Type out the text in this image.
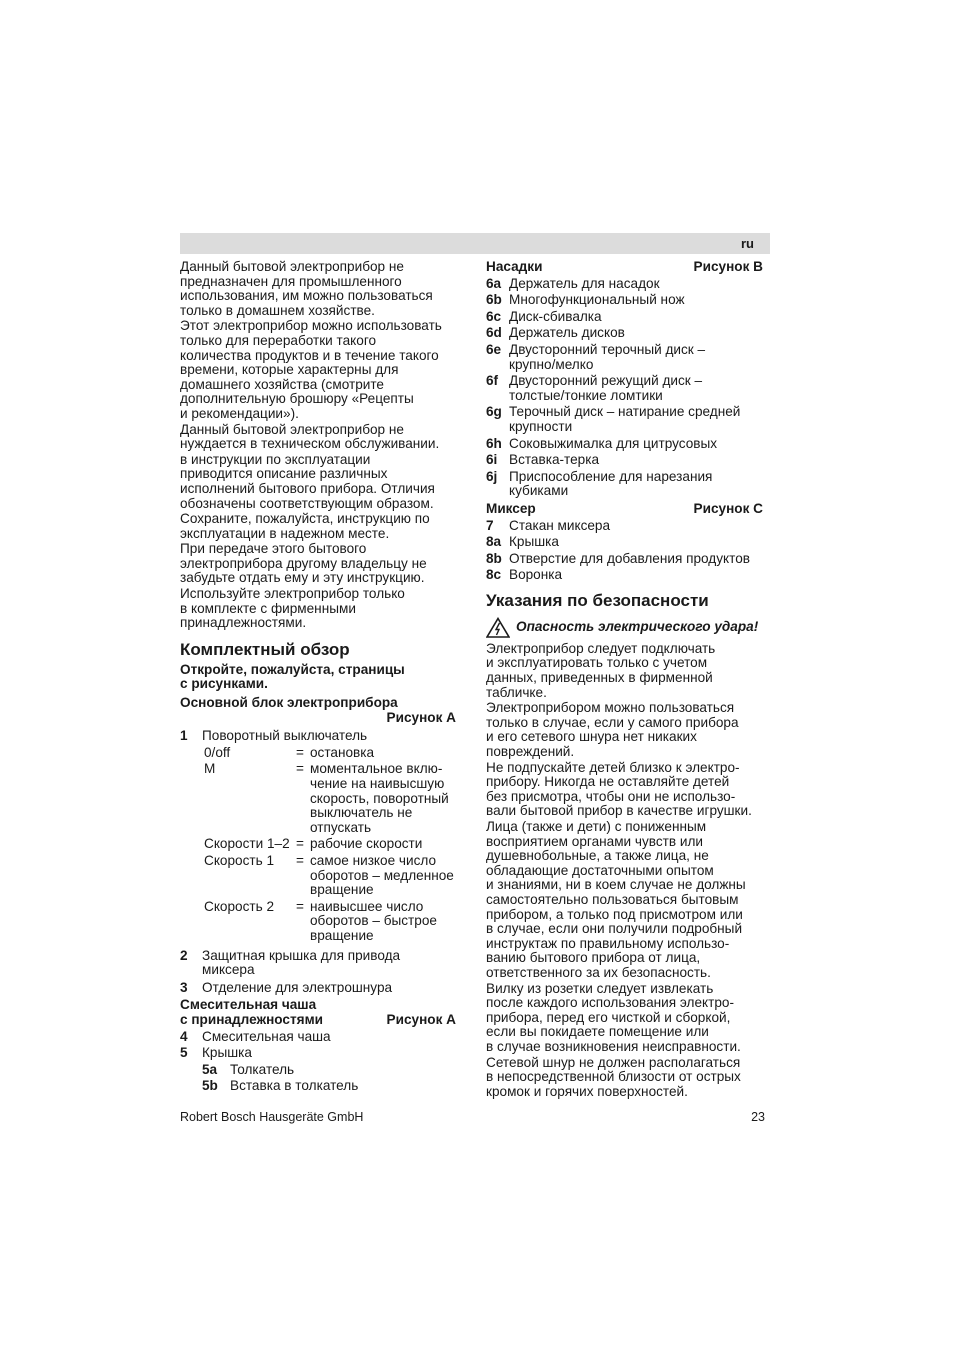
ru

Данный бытовой электроприбор не
предназначен для промышленного
использования, им можно пользоваться
только в домашнем хозяйстве.

Этот электроприбор можно использовать
только для переработки такого
количества продуктов и в течение такого
времени, которые характерны для
домашнего хозяйства (смотрите
дополнительную брошюру «Рецепты
и рекомендации»).

Данный бытовой электроприбор не
нуждается в техническом обслуживании.

в инструкции по эксплуатации
приводится описание различных
исполнений бытового прибора. Отличия
обозначены соответствующим образом.

Сохраните, пожалуйста, инструкцию по
эксплуатации в надежном месте.

При передаче этого бытового
электроприбора другому владельцу не
забудьте отдать ему и эту инструкцию.

Используйте электроприбор только
в комплекте с фирменными
принадлежностями.

Комплектный обзор

Откройте, пожалуйста, страницы
с рисунками.

Основной блок электроприбора

Рисунок A

1	Поворотный выключатель
0/off	= остановка
M	= моментальное вклю-
чение на наивысшую
скорость, поворотный
выключатель не
отпускать
Скорости 1–2 = рабочие скорости
Скорость 1	= самое низкое число
оборотов – медленное
вращение
Скорость 2	= наивысшее число
оборотов – быстрое
вращение
2	Защитная крышка для привода
миксера
3	Отделение для электрошнура

Смесительная чаша

с принадлежностями	Рисунок A
4	Смесительная чаша
5	Крышка
5a Толкатель
5b Вставка в толкатель
Насадки	Рисунок B
6a Держатель для насадок
6b Многофункциональный нож
6c Диск-сбивалка
6d Держатель дисков
6e Двусторонний терочный диск –
крупно/мелко
6f Двусторонний режущий диск –
толстые/тонкие ломтики
6g Терочный диск – натирание средней
крупности
6h Соковыжималка для цитрусовых
6i Вставка-терка
6j Приспособление для нарезания
кубиками
Миксер	Рисунок C
7	Стакан миксера
8a Крышка
8b Отверстие для добавления продуктов
8c Воронка
Указания по безопасности
Опасность электрического удара!

Электроприбор следует подключать
и эксплуатировать только с учетом
данных, приведенных в фирменной
табличке.

Электроприбором можно пользоваться
только в случае, если у самого прибора
и его сетевого шнура нет никаких
повреждений.

Не подпускайте детей близко к электро-
прибору. Никогда не оставляйте детей
без присмотра, чтобы они не использо-
вали бытовой прибор в качестве игрушки.

Лица (также и дети) с пониженным
восприятием органами чувств или
душевнобольные, а также лица, не
обладающие достаточными опытом
и знаниями, ни в коем случае не должны
самостоятельно пользоваться бытовым
прибором, а только под присмотром или
в случае, если они получили подробный
инструктаж по правильному использо-
ванию бытового прибора от лица,
ответственного за их безопасность.

Вилку из розетки следует извлекать
после каждого использования электро-
прибора, перед его чисткой и сборкой,
если вы покидаете помещение или
в случае возникновения неисправности.

Сетевой шнур не должен располагаться
в непосредственной близости от острых
кромок и горячих поверхностей.

Robert Bosch Hausgeräte GmbH	23
